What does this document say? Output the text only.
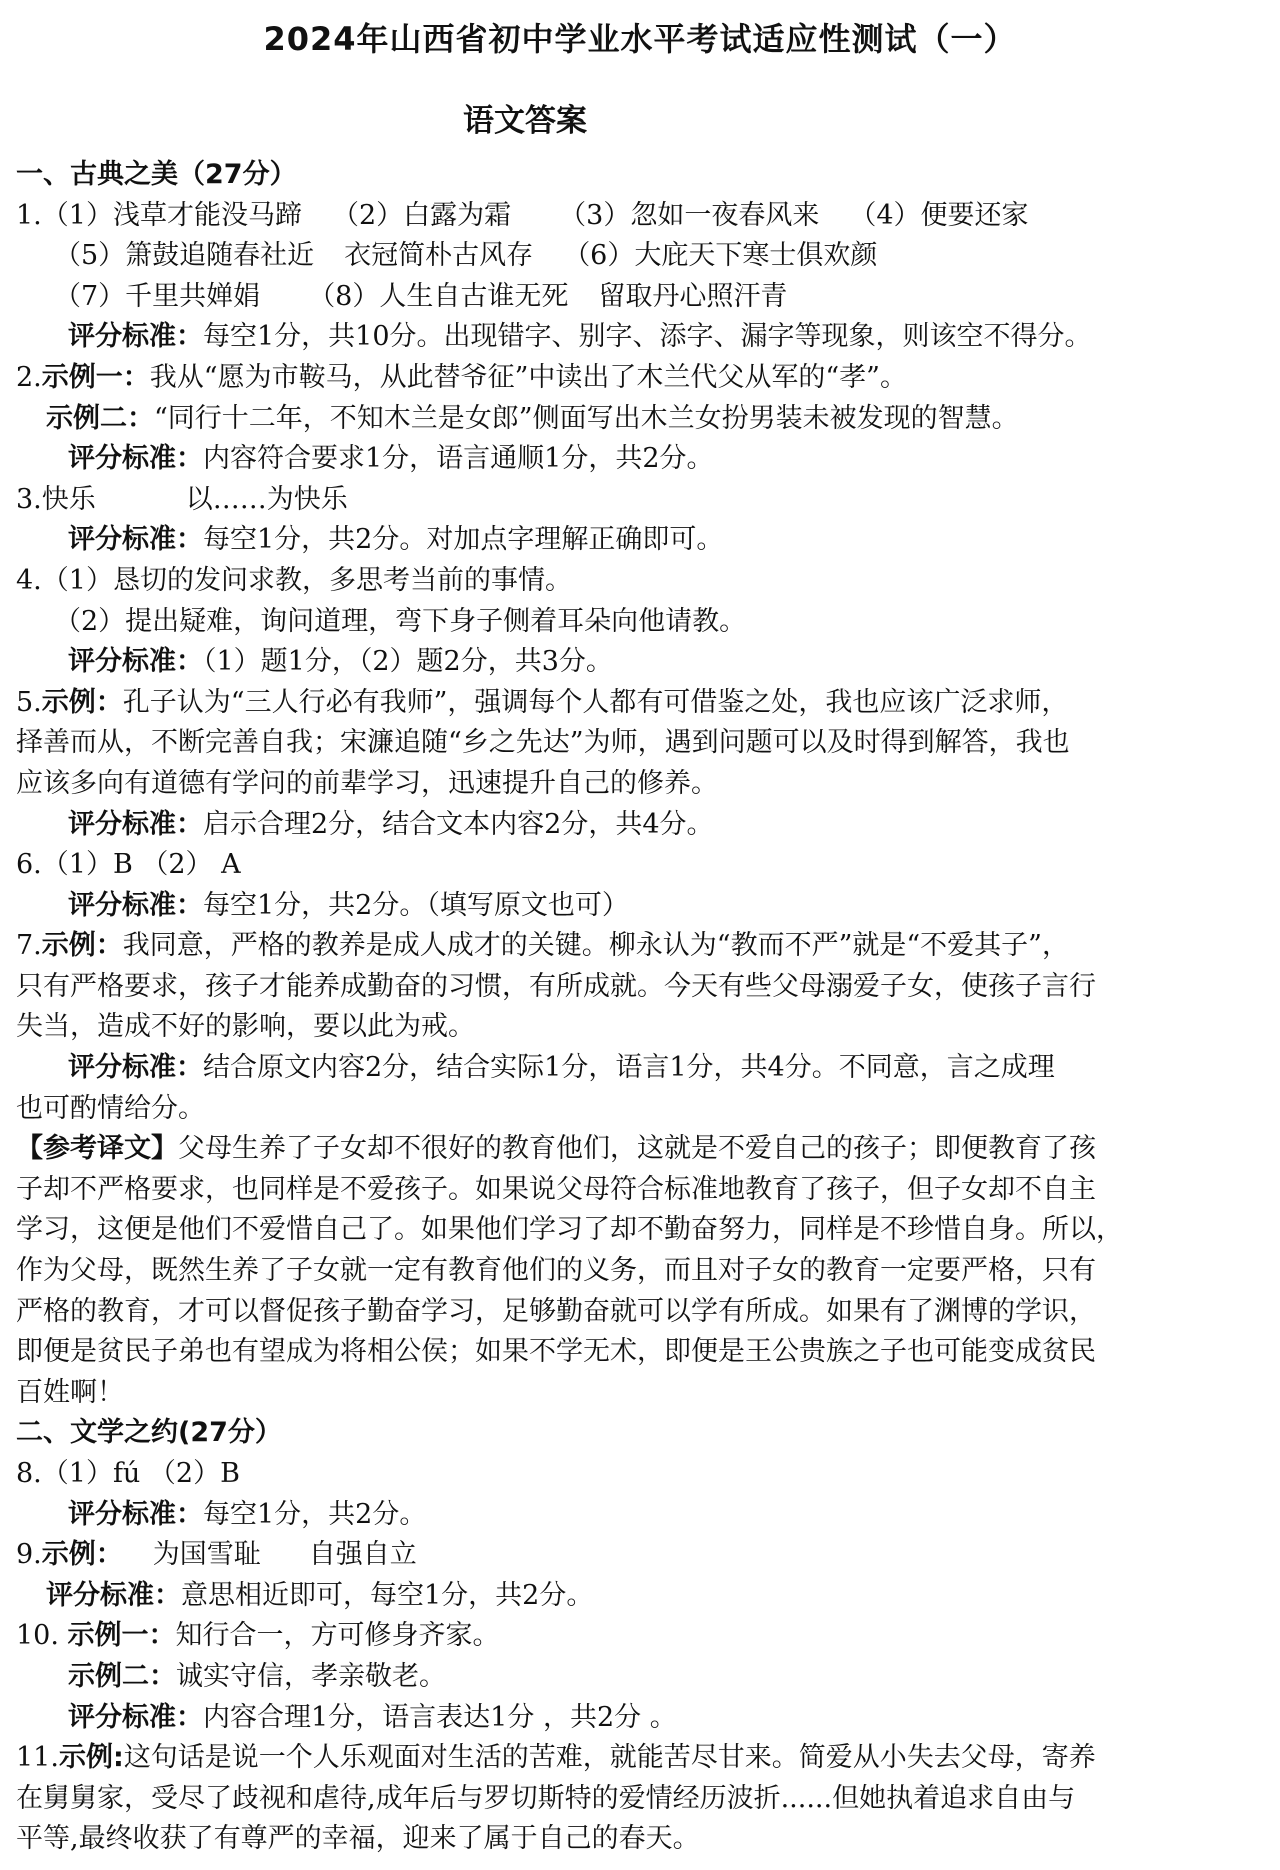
2024年山西省初中学业水平考试适应性测试（一）
语文答案
一、古典之美（27分）
1.（1）浅草才能没马蹄 （2）白露为霜 （3）忽如一夜春风来 （4）便要还家
（5）箫鼓追随春社近 衣冠简朴古风存 （6）大庇天下寒士俱欢颜
（7）千里共婵娟 （8）人生自古谁无死 留取丹心照汗青
评分标准：每空1分，共10分。出现错字、别字、添字、漏字等现象，则该空不得分。
2.示例一：我从“愿为市鞍马，从此替爷征”中读出了木兰代父从军的“孝”。
示例二：“同行十二年，不知木兰是女郎”侧面写出木兰女扮男装未被发现的智慧。
评分标准：内容符合要求1分，语言通顺1分，共2分。
3.快乐	以……为快乐
评分标准：每空1分，共2分。对加点字理解正确即可。
4.（1）恳切的发问求教，多思考当前的事情。
（2）提出疑难，询问道理，弯下身子侧着耳朵向他请教。
评分标准：（1）题1分，（2）题2分，共3分。
5.示例：孔子认为“三人行必有我师”，强调每个人都有可借鉴之处，我也应该广泛求师，
择善而从，不断完善自我；宋濂追随“乡之先达”为师，遇到问题可以及时得到解答，我也
应该多向有道德有学问的前辈学习，迅速提升自己的修养。
评分标准：启示合理2分，结合文本内容2分，共4分。
6.（1）B （2） A
评分标准：每空1分，共2分。（填写原文也可）
7.示例：我同意，严格的教养是成人成才的关键。柳永认为“教而不严”就是“不爱其子”，
只有严格要求，孩子才能养成勤奋的习惯，有所成就。今天有些父母溺爱子女，使孩子言行
失当，造成不好的影响，要以此为戒。
评分标准：结合原文内容2分，结合实际1分，语言1分，共4分。不同意，言之成理
也可酌情给分。
【参考译文】父母生养了子女却不很好的教育他们，这就是不爱自己的孩子；即便教育了孩
子却不严格要求，也同样是不爱孩子。如果说父母符合标准地教育了孩子，但子女却不自主
学习，这便是他们不爱惜自己了。如果他们学习了却不勤奋努力，同样是不珍惜自身。所以，
作为父母，既然生养了子女就一定有教育他们的义务，而且对子女的教育一定要严格，只有
严格的教育，才可以督促孩子勤奋学习，足够勤奋就可以学有所成。如果有了渊博的学识，
即便是贫民子弟也有望成为将相公侯；如果不学无术，即便是王公贵族之子也可能变成贫民
百姓啊！
二、文学之约(27分）
8.（1）fú （2）B
评分标准：每空1分，共2分。
9.示例： 为国雪耻 自强自立
评分标准：意思相近即可，每空1分，共2分。
10. 示例一：知行合一，方可修身齐家。
示例二：诚实守信，孝亲敬老。
评分标准：内容合理1分，语言表达1分 ，共2分 。
11.示例:这句话是说一个人乐观面对生活的苦难，就能苦尽甘来。简爱从小失去父母，寄养
在舅舅家，受尽了歧视和虐待,成年后与罗切斯特的爱情经历波折......但她执着追求自由与
平等,最终收获了有尊严的幸福，迎来了属于自己的春天。
